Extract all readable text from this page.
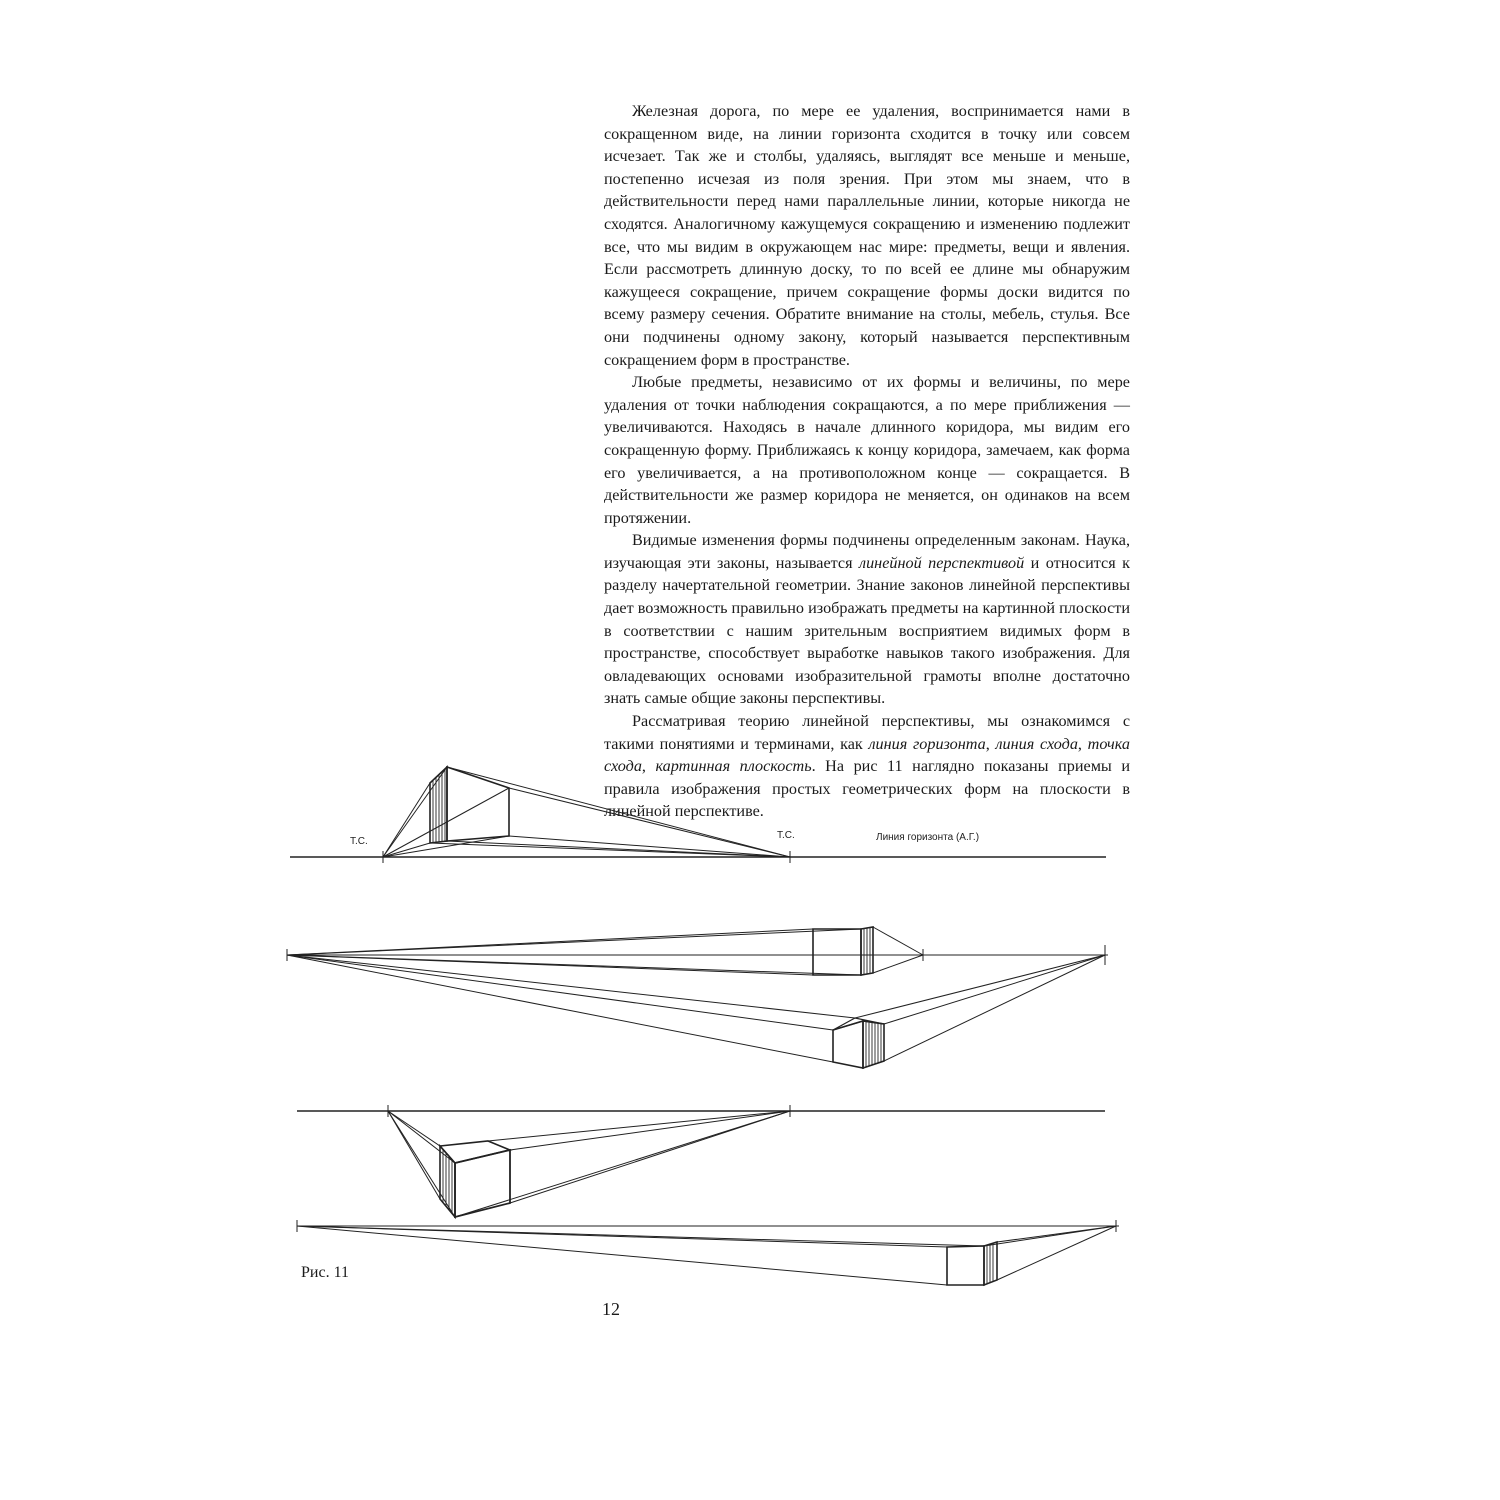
Железная дорога, по мере ее удаления, воспринимается нами в сокращенном виде, на линии горизонта сходится в точку или совсем исчезает. Так же и столбы, удаляясь, выглядят все меньше и меньше, постепенно исчезая из поля зрения. При этом мы знаем, что в действительности перед нами параллельные линии, которые никогда не сходятся. Аналогичному кажущемуся сокращению и изменению подлежит все, что мы видим в окружающем нас мире: предметы, вещи и явления. Если рассмотреть длинную доску, то по всей ее длине мы обнаружим кажущееся сокращение, причем сокращение формы доски видится по всему размеру сечения. Обратите внимание на столы, мебель, стулья. Все они подчинены одному закону, который называется перспективным сокращением форм в пространстве.

Любые предметы, независимо от их формы и величины, по мере удаления от точки наблюдения сокращаются, а по мере приближения — увеличиваются. Находясь в начале длинного коридора, мы видим его сокращенную форму. Приближаясь к концу коридора, замечаем, как форма его увеличивается, а на противоположном конце — сокращается. В действительности же размер коридора не меняется, он одинаков на всем протяжении.

Видимые изменения формы подчинены определенным законам. Наука, изучающая эти законы, называется линейной перспективой и относится к разделу начертательной геометрии. Знание законов линейной перспективы дает возможность правильно изображать предметы на картинной плоскости в соответствии с нашим зрительным восприятием видимых форм в пространстве, способствует выработке навыков такого изображения. Для овладевающих основами изобразительной грамоты вполне достаточно знать самые общие законы перспективы.

Рассматривая теорию линейной перспективы, мы ознакомимся с такими понятиями и терминами, как линия горизонта, линия схода, точка схода, картинная плоскость. На рис 11 наглядно показаны приемы и правила изображения простых геометрических форм на плоскости в линейной перспективе.

Т.С.
Т.С.	Линия горизонта (А.Г.)
Рис. 11
12
